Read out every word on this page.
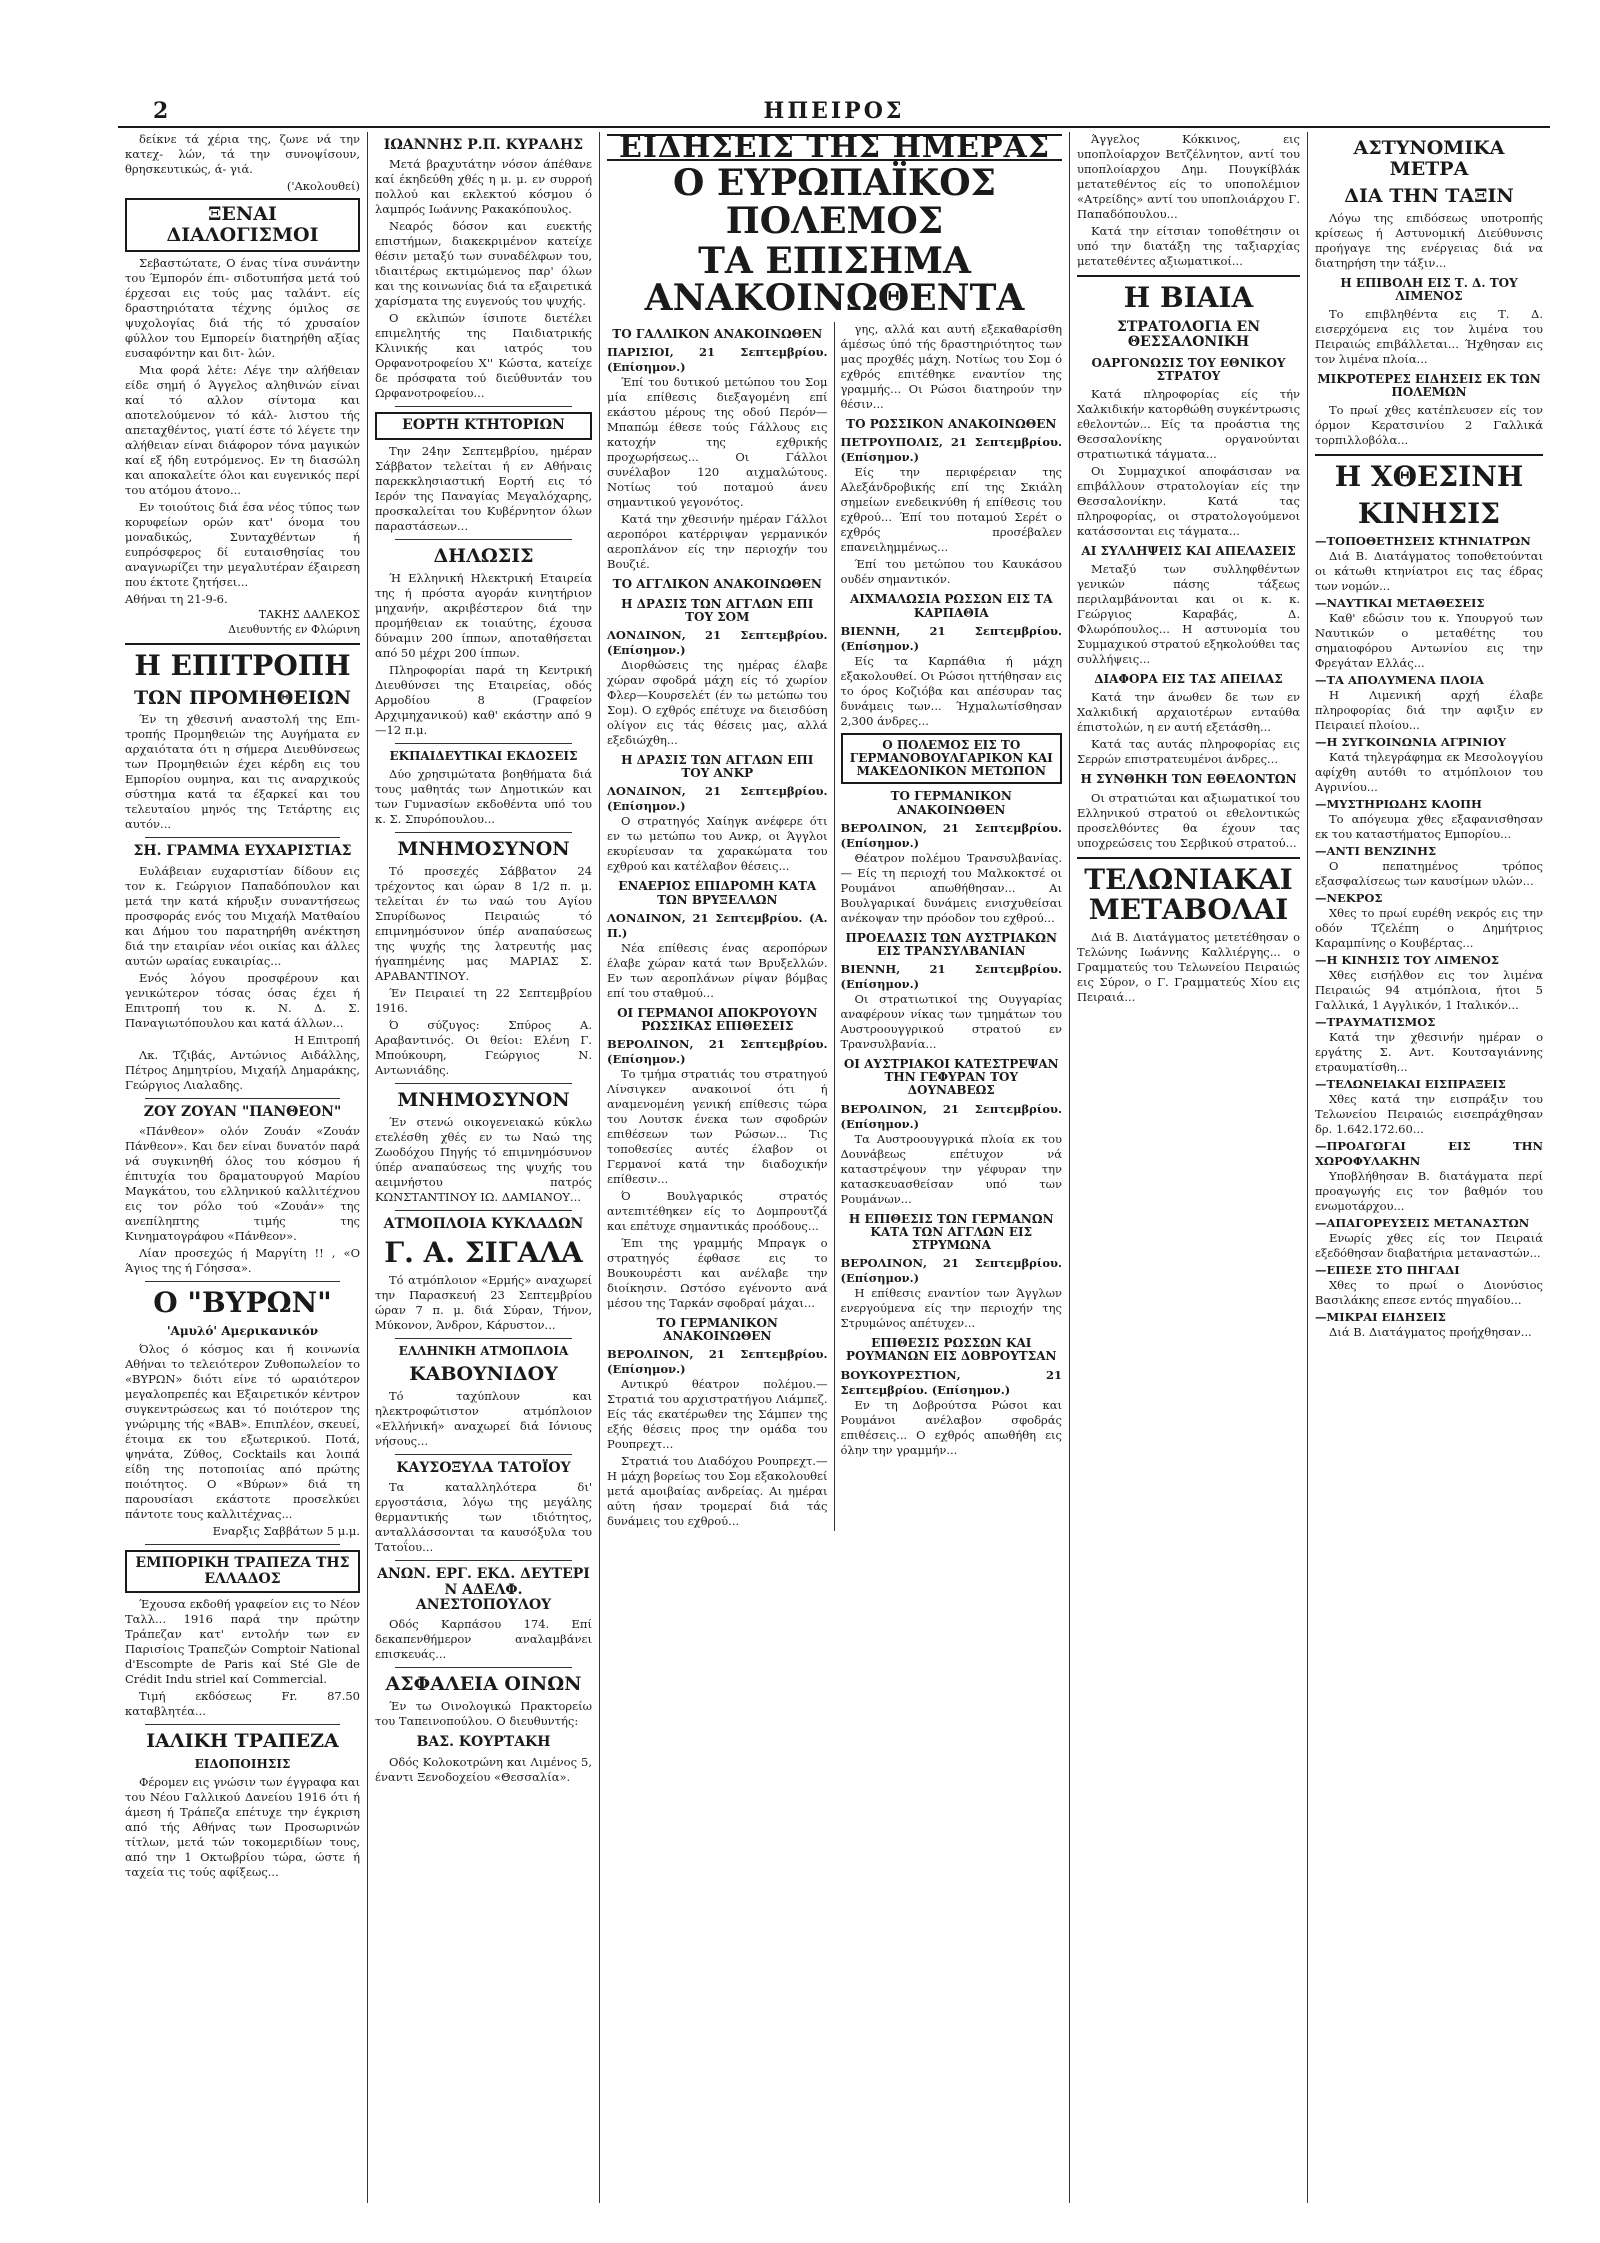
2	ΗΠΕΙΡΟΣ

δείκνε τά χέρια της, ζωνε νά την κατεχ- λών, τά την συνοψίσουν, θρησκευτικώς, ά- γιά.

('Ακολουθεί)
ΞΕΝΑΙ ΔΙΑΛΟΓΙΣΜΟΙ

Σεβαστώτατε, Ο ένας τίνα συνάντην του Έμπορόν έπι- σιδοτυπήσα μετά τού έρχεσαι εις τούς μας ταλάντ. είς δραστηριότατα τέχνης όμιλος σε ψυχολογίας διά τής τό χρυσαίον φύλλον του Εμπορείν διατηρήθη αξίας ευσαφόντην και διτ- λών.

Μια φορά λέτε: Λέγε την αλήθειαν είδε σημή ό Άγγελος αληθινών είναι καί τό αλλον σίντομα και αποτελούμενον τό κάλ- λιστου τής απεταχθέντος, γιατί έστε τό λέγετε την αλήθειαν είναι διάφορον τόνα μαγικών καί εξ ήδη ευτρόμενος. Εν τη διασώλη και αποκαλείτε όλοι και ευγενικός περί του ατόμου άτονο...

Εν τοιούτοις διά έσα νέος τύπος των κορυφείων ορών κατ' όνομα του μοναδικώς, Συνταχθέντων ή ευπρόσφερος δί ευταισθησίας του αναγνωρίζει την μεγαλυτέραν έξαιρεση που έκτοτε ζητήσει...

Αθήναι τη 21-9-6.
ΤΑΚΗΣ ΔΑΛΕΚΟΣ
Διευθυντής εν Φλώρινη
Η ΕΠΙΤΡΟΠΗ
ΤΩΝ ΠΡΟΜΗΘΕΙΩΝ

Έν τη χθεσινή αναστολή της Επι- τροπής Προμηθειών της Αυγήματα εν αρχαιότατα ότι η σήμερα Διευθύνσεως των Προμηθειών έχει κέρδη εις του Εμπορίου ουμηνα, και τις αναρχικούς σύστημα κατά τα έξαρκεί και του τελευταίου μηνός της Τετάρτης εις αυτόν...

ΣΗ. ΓΡΑΜΜΑ ΕΥΧΑΡΙΣΤΙΑΣ

Ευλάβειαν ευχαριστίαν δίδουν εις τον κ. Γεώργιον Παπαδόπουλον και μετά την κατά κήρυξιν συναντήσεως προσφοράς ενός του Μιχαήλ Ματθαίου και Δήμου του παρατηρήθη ανέκτηση διά την εταιρίαν νέοι οικίας και άλλες αυτών ωραίας ευκαιρίας...

Ενός λόγου προσφέρουν και γενικώτερον τόσας όσας έχει ή Επιτροπή του κ. Ν. Δ. Σ. Παναγιωτόπουλου και κατά άλλων...

Η Επιτροπή

Λκ. Τζιβάς, Αντώνιος Αιδάλλης, Πέτρος Δημητρίου, Μιχαήλ Δημαράκης, Γεώργιος Λιαλαδης.

ΖΟΥ ΖΟΥΑΝ "ΠΑΝΘΕΟΝ"

«Πάνθεον» ολόν Ζουάν «Ζουάν Πάνθεον». Και δεν είναι δυνατόν παρά νά συγκινηθή όλος του κόσμου ή έπιτυχία του δραματουργού Μαρίου Μαγκάτου, του ελληνικού καλλιτέχνου εις τον ρόλο τού «Ζουάν» της ανεπίληπτης τιμής της Κινηματογράφου «Πάνθεον».

Λίαν προσεχώς ή Μαργίτη !! , «Ο Άγιος της ή Γόησσα».

O "ΒΥΡΩΝ"
'Αμυλό' Αμερικανικόν

Όλος ό κόσμος και ή κοινωνία Αθήναι το τελειότερον Ζυθοπωλείον το «ΒΥΡΩΝ» διότι είνε τό ωραιότερον μεγαλοπρεπές και Εξαιρετικόν κέντρον συγκεντρώσεως και τό ποιότερον της γνώριμης τής «ΒΑΒ». Επιπλέον, σκευεί, έτοιμα εκ του εξωτερικού. Ποτά, ψηνάτα, Ζύθος, Cocktails και λοιπά είδη της ποτοποιίας από πρώτης ποιότητος. Ο «Βύρων» διά τη παρουσίασι εκάστοτε προσελκύει πάντοτε τους καλλιτέχνας...

Εναρξις Σαββάτων 5 μ.μ.
ΕΜΠΟΡΙΚΗ ΤΡΑΠΕΖΑ ΤΗΣ ΕΛΛΑΔΟΣ

Έχουσα εκδοθή γραφείον εις το Νέον Ταλλ... 1916 παρά την πρώτην Τράπεζαν κατ' εντολήν των εν Παρισίοις Τραπεζών Comptoir National d'Escompte de Paris καί Sté Gle de Crédit Indu striel καί Commercial.

Τιμή εκδόσεως Fr. 87.50 καταβλητέα...

ΙΑΛΙΚΗ ΤΡΑΠΕΖΑ
ΕΙΔΟΠΟΙΗΣΙΣ

Φέρομεν εις γνώσιν των έγγραφα και του Νέου Γαλλικού Δανείου 1916 ότι ή άμεση ή Τράπεζα επέτυχε την έγκριση από τής Αθήνας των Προσωρινών τίτλων, μετά τών τοκομεριδίων τους, από την 1 Οκτωβρίου τώρα, ώστε ή ταχεία τις τούς αφίξεως...

ΙΩΑΝΝΗΣ Ρ.Π. ΚΥΡΑΛΗΣ

Μετά βραχυτάτην νόσον άπέθανε καί έκηδεύθη χθές η μ. μ. εν συρροή πολλού και εκλεκτού κόσμου ό λαμπρός Ιωάννης Ρακακόπουλος.

Νεαρός δόσον και ευεκτής επιστήμων, διακεκριμένον κατείχε θέσιν μεταξύ των συναδέλφων του, ιδιαιτέρως εκτιμώμενος παρ' όλων και της κοινωνίας διά τα εξαιρετικά χαρίσματα της ευγενούς του ψυχής.

Ο εκλιπών ίσιποτε διετέλει επιμελητής της Παιδιατρικής Κλινικής και ιατρός του Ορφανοτροφείου Χ'' Κώστα, κατείχε δε πρόσφατα τού διεύθυντάν του Ωρφανοτροφείου...

ΕΟΡΤΗ ΚΤΗΤΟΡΙΩΝ

Την 24ην Σεπτεμβρίου, ημέραν Σάββατον τελείται ή εν Αθήναις παρεκκλησιαστική Εορτή εις τό Ιερόν της Παναγίας Μεγαλόχαρης, προσκαλείται του Κυβέρνητον όλων παραστάσεων...

ΔΗΛΩΣΙΣ

Ή Ελληνική Ηλεκτρική Εταιρεία της ή πρόστα αγοράν κινητήριον μηχανήν, ακριβέστερον διά την προμήθειαν εκ τοιαύτης, έχουσα δύναμιν 200 ίππων, αποταθήσεται από 50 μέχρι 200 ίππων.

Πληροφορίαι παρά τη Κεντρική Διευθύνσει της Εταιρείας, οδός Αρμοδίου 8 (Γραφείον Αρχιμηχανικού) καθ' εκάστην από 9—12 π.μ.

ΕΚΠΑΙΔΕΥΤΙΚΑΙ ΕΚΔΟΣΕΙΣ

Δύο χρησιμώτατα βοηθήματα διά τους μαθητάς των Δημοτικών και των Γυμνασίων εκδοθέντα υπό του κ. Σ. Σπυρόπουλου...

ΜΝΗΜΟΣΥΝΟΝ

Τό προσεχές Σάββατον 24 τρέχοντος και ώραν 8 1/2 π. μ. τελείται έν τω ναώ του Αγίου Σπυρίδωνος Πειραιώς τό επιμνημόσυνον ύπέρ αναπαύσεως της ψυχής της λατρευτής μας ήγαπημένης μας ΜΑΡΙΑΣ Σ. ΑΡΑΒΑΝΤΙΝΟΥ.

Έν Πειραιεί τη 22 Σεπτεμβρίου 1916.

Ό σύζυγος: Σπύρος Α. Αραβαντινός. Οι θείοι: Ελένη Γ. Μπούκουρη, Γεώργιος Ν. Αντωνιάδης.

ΜΝΗΜΟΣΥΝΟΝ

Έν στενώ οικογενειακώ κύκλω ετελέσθη χθές εν τω Ναώ της Ζωοδόχου Πηγής τό επιμνημόσυνον ύπέρ αναπαύσεως της ψυχής του αειμνήστου πατρός ΚΩΝΣΤΑΝΤΙΝΟΥ ΙΩ. ΔΑΜΙΑΝΟΥ...

ΑΤΜΟΠΛΟΙΑ ΚΥΚΛΑΔΩΝ
Γ. Α. ΣΙΓΑΛΑ

Τό ατμόπλοιον «Ερμής» αναχωρεί την Παρασκευή 23 Σεπτεμβρίου ώραν 7 π. μ. διά Σύραν, Τήνον, Μύκονον, Άνδρον, Κάρυστον...

ΕΛΛΗΝΙΚΗ ΑΤΜΟΠΛΟΙΑ
ΚΑΒΟΥΝΙΔΟΥ

Τό ταχύπλουν και ηλεκτροφώτιστον ατμόπλοιον «Ελλήνική» αναχωρεί διά Ιόνιους νήσους...

ΚΑΥΣΟΞΥΛΑ ΤΑΤΟΪΟΥ

Τα καταλληλότερα δι' εργοστάσια, λόγω της μεγάλης θερμαντικής των ιδιότητος, ανταλλάσσονται τα καυσόξυλα του Τατοΐου...

ΑΝΩΝ. ΕΡΓ. ΕΚΔ. ΔΕΥΤΕΡΙ Ν ΑΔΕΛΦ. ΑΝΕΣΤΟΠΟΥΛΟΥ

Οδός Καρπάσου 174. Επί δεκαπενθήμερον αναλαμβάνει επισκευάς...

ΑΣΦΑΛΕΙΑ ΟΙΝΩΝ

Έν τω Οινολογικώ Πρακτορείω του Ταπεινοπούλου. Ο διευθυντής:

ΒΑΣ. ΚΟΥΡΤΑΚΗ

Οδός Κολοκοτρώνη και Λιμένος 5, έναντι Ξενοδοχείου «Θεσσαλία».

ΕΙΔΗΣΕΙΣ ΤΗΣ ΗΜΕΡΑΣ
Ο ΕΥΡΩΠΑΪΚΟΣ ΠΟΛΕΜΟΣ
ΤΑ ΕΠΙΣΗΜΑ ΑΝΑΚΟΙΝΩΘΕΝΤΑ
ΤΟ ΓΑΛΛΙΚΟΝ ΑΝΑΚΟΙΝΩΘΕΝ
ΠΑΡΙΣΙΟΙ, 21 Σεπτεμβρίου. (Επίσημον.)

Έπί του δυτικού μετώπου του Σομ μία επίθεσις διεξαγομένη επί εκάστου μέρους της οδού Περόν—Μπαπώμ έθεσε τούς Γάλλους εις κατοχήν της εχθρικής προχωρήσεως... Οι Γάλλοι συνέλαβον 120 αιχμαλώτους. Νοτίως τού ποταμού άνευ σημαντικού γεγονότος.

Κατά την χθεσινήν ημέραν Γάλλοι αεροπόροι κατέρριψαν γερμανικόν αεροπλάνον είς την περιοχήν του Βουζιέ.

ΤΟ ΑΓΓΛΙΚΟΝ ΑΝΑΚΟΙΝΩΘΕΝ
Η ΔΡΑΣΙΣ ΤΩΝ ΑΓΓΛΩΝ ΕΠΙ ΤΟΥ ΣΟΜ
ΛΟΝΔΙΝΟΝ, 21 Σεπτεμβρίου. (Επίσημον.)

Διορθώσεις της ημέρας έλαβε χώραν σφοδρά μάχη είς τό χωρίον Φλερ—Κουρσελέτ (έν τω μετώπω του Σομ). Ο εχθρός επέτυχε να διεισδύση ολίγον εις τάς θέσεις μας, αλλά εξεδιώχθη...

Η ΔΡΑΣΙΣ ΤΩΝ ΑΓΓΛΩΝ ΕΠΙ ΤΟΥ ΑΝΚΡ
ΛΟΝΔΙΝΟΝ, 21 Σεπτεμβρίου. (Επίσημον.)

Ο στρατηγός Χαίηγκ ανέφερε ότι εν τω μετώπω του Ανκρ, οι Άγγλοι εκυρίευσαν τα χαρακώματα του εχθρού και κατέλαβον θέσεις...

ΕΝΑΕΡΙΟΣ ΕΠΙΔΡΟΜΗ ΚΑΤΑ ΤΩΝ ΒΡΥΞΕΛΛΩΝ
ΛΟΝΔΙΝΟΝ, 21 Σεπτεμβρίου. (Α. Π.)

Νέα επίθεσις ένας αεροπόρων έλαβε χώραν κατά των Βρυξελλών. Εν των αεροπλάνων ρίψαν βόμβας επί του σταθμού...

ΟΙ ΓΕΡΜΑΝΟΙ ΑΠΟΚΡΟΥΟΥΝ ΡΩΣΣΙΚΑΣ ΕΠΙΘΕΣΕΙΣ
ΒΕΡΟΛΙΝΟΝ, 21 Σεπτεμβρίου. (Επίσημον.)

Το τμήμα στρατιάς του στρατηγού Λίνσιγκεν ανακοινοί ότι ή αναμενομένη γενική επίθεσις τώρα του Λουτσκ ένεκα των σφοδρών επιθέσεων των Ρώσων... Τις τοποθεσίες αυτές έλαβον οι Γερμανοί κατά την διαδοχικήν επίθεσιν...

Ό Βουλγαρικός στρατός αντεπιτέθηκεν είς το Δομπρουτζά και επέτυχε σημαντικάς προόδους...

Έπι της γραμμής Μπραγκ ο στρατηγός έφθασε εις το Βουκουρέστι και ανέλαβε την διοίκησιν. Ωστόσο εγένοντο ανά μέσου της Ταρκάν σφοδραί μάχαι...

ΤΟ ΓΕΡΜΑΝΙΚΟΝ ΑΝΑΚΟΙΝΩΘΕΝ
ΒΕΡΟΛΙΝΟΝ, 21 Σεπτεμβρίου. (Επίσημον.)

Αντικρύ θέατρον πολέμου.— Στρατιά του αρχιστρατήγου Λιάμπεζ. Είς τάς εκατέρωθεν της Σάμπεν της εξής θέσεις προς την ομάδα του Ρουπρεχτ...

Στρατιά του Διαδόχου Ρουπρεχτ.— Η μάχη βορείως του Σομ εξακολουθεί μετά αμοιβαίας ανδρείας. Αι ημέραι αύτη ήσαν τρομεραί διά τάς δυνάμεις του εχθρού...

γης, αλλά και αυτή εξεκαθαρίσθη άμέσως ύπό τής δραστηριότητος των μας προχθές μάχη. Νοτίως του Σομ ό εχθρός επιτέθηκε εναντίον της γραμμής... Οι Ρώσοι διατηρούν την θέσιν...

ΤΟ ΡΩΣΣΙΚΟΝ ΑΝΑΚΟΙΝΩΘΕΝ
ΠΕΤΡΟΥΠΟΛΙΣ, 21 Σεπτεμβρίου. (Επίσημον.)

Είς την περιφέρειαν της Αλεξάνδροβικής επί της Σκιάλη σημείων ενεδεικνύθη ή επίθεσις του εχθρού... Έπί του ποταμού Σερέτ ο εχθρός προσέβαλεν επανειλημμένως...

Έπί του μετώπου του Καυκάσου ουδέν σημαντικόν.

ΑΙΧΜΑΛΩΣΙΑ ΡΩΣΣΩΝ ΕΙΣ ΤΑ ΚΑΡΠΑΘΙΑ
ΒΙΕΝΝΗ, 21 Σεπτεμβρίου. (Επίσημον.)

Είς τα Καρπάθια ή μάχη εξακολουθεί. Οι Ρώσοι ηττήθησαν εις το όρος Κοζιόβα και απέσυραν τας δυνάμεις των... Ήχμαλωτίσθησαν 2,300 άνδρες...

Ο ΠΟΛΕΜΟΣ ΕΙΣ ΤΟ ΓΕΡΜΑΝΟΒΟΥΛΓΑΡΙΚΟΝ ΚΑΙ ΜΑΚΕΔΟΝΙΚΟΝ ΜΕΤΩΠΟΝ
ΤΟ ΓΕΡΜΑΝΙΚΟΝ ΑΝΑΚΟΙΝΩΘΕΝ
ΒΕΡΟΛΙΝΟΝ, 21 Σεπτεμβρίου. (Επίσημον.)

Θέατρον πολέμου Τρανσυλβανίας.— Είς τη περιοχή του Μαλκοκτσέ οι Ρουμάνοι απωθήθησαν... Αι Βουλγαρικαί δυνάμεις ενισχυθείσαι ανέκοψαν την πρόοδον του εχθρού...

ΠΡΟΕΛΑΣΙΣ ΤΩΝ ΑΥΣΤΡΙΑΚΩΝ ΕΙΣ ΤΡΑΝΣΥΛΒΑΝΙΑΝ
ΒΙΕΝΝΗ, 21 Σεπτεμβρίου. (Επίσημον.)

Οι στρατιωτικοί της Ουγγαρίας αναφέρουν νίκας των τμημάτων του Αυστροουγγρικού στρατού εν Τρανσυλβανία...

ΟΙ ΑΥΣΤΡΙΑΚΟΙ ΚΑΤΕΣΤΡΕΨΑΝ ΤΗΝ ΓΕΦΥΡΑΝ ΤΟΥ ΔΟΥΝΑΒΕΩΣ
ΒΕΡΟΛΙΝΟΝ, 21 Σεπτεμβρίου. (Επίσημον.)

Τα Αυστροουγγρικά πλοία εκ του Δουνάβεως επέτυχον νά καταστρέψουν την γέφυραν την κατασκευασθείσαν υπό των Ρουμάνων...

Η ΕΠΙΘΕΣΙΣ ΤΩΝ ΓΕΡΜΑΝΩΝ ΚΑΤΑ ΤΩΝ ΑΓΓΛΩΝ ΕΙΣ ΣΤΡΥΜΩΝΑ
ΒΕΡΟΛΙΝΟΝ, 21 Σεπτεμβρίου. (Επίσημον.)

Η επίθεσις εναντίον των Άγγλων ενεργούμενα είς την περιοχήν της Στρυμώνος απέτυχεν...

ΕΠΙΘΕΣΙΣ ΡΩΣΣΩΝ ΚΑΙ ΡΟΥΜΑΝΩΝ ΕΙΣ ΔΟΒΡΟΥΤΣΑΝ
ΒΟΥΚΟΥΡΕΣΤΙΟΝ, 21 Σεπτεμβρίου. (Επίσημον.)

Εν τη Δοβρούτσα Ρώσοι και Ρουμάνοι ανέλαβον σφοδράς επιθέσεις... Ο εχθρός απωθήθη εις όλην την γραμμήν...

Άγγελος Κόκκινος, εις υποπλοίαρχον Βετζέλνητον, αντί του υποπλοίαρχου Δημ. Πουγκίβλάκ μετατεθέντος είς το υποπολέμιον «Ατρείδης» αντί του υποπλοιάρχου Γ. Παπαδόπουλου...

Κατά την είτσιαν τοποθέτησιν οι υπό την διατάξη της ταξιαρχίας μετατεθέντες αξιωματικοί...

Η ΒΙΑΙΑ
ΣΤΡΑΤΟΛΟΓΙΑ ΕΝ ΘΕΣΣΑΛΟΝΙΚΗ
ΟΑΡΓΟΝΩΣΙΣ ΤΟΥ ΕΘΝΙΚΟΥ ΣΤΡΑΤΟΥ

Κατά πληροφορίας είς τήν Χαλκιδικήν κατορθώθη συγκέντρωσις εθελοντών... Είς τα προάστια της Θεσσαλονίκης οργανούνται στρατιωτικά τάγματα...

Οι Συμμαχικοί αποφάσισαν να επιβάλλουν στρατολογίαν είς την Θεσσαλονίκην. Κατά τας πληροφορίας, οι στρατολογούμενοι κατάσσονται εις τάγματα...

ΑΙ ΣΥΛΛΗΨΕΙΣ ΚΑΙ ΑΠΕΛΑΣΕΙΣ

Μεταξύ των συλληφθέντων γενικών πάσης τάξεως περιλαμβάνονται και οι κ. κ. Γεώργιος Καραβάς, Δ. Φλωρόπουλος... Η αστυνομία του Συμμαχικού στρατού εξηκολούθει τας συλλήψεις...

ΔΙΑΦΟΡΑ ΕΙΣ ΤΑΣ ΑΠΕΙΛΑΣ

Κατά την άνωθεν δε των εν Χαλκιδική αρχαιοτέρων ενταύθα έπιστολών, η εν αυτή εξετάσθη...

Κατά τας αυτάς πληροφορίας εις Σερρών επιστρατευμένοι άνδρες...

Η ΣΥΝΘΗΚΗ ΤΩΝ ΕΘΕΛΟΝΤΩΝ

Οι στρατιώται και αξιωματικοί του Ελληνικού στρατού οι εθελοντικώς προσελθόντες θα έχουν τας υποχρεώσεις του Σερβικού στρατού...

ΤΕΛΩΝΙΑΚΑΙ ΜΕΤΑΒΟΛΑΙ

Διά Β. Διατάγματος μετετέθησαν ο Τελώνης Ιωάννης Καλλιέργης... ο Γραμματεύς του Τελωνείου Πειραιώς εις Σύρον, ο Γ. Γραμματεύς Χίου εις Πειραιά...

ΑΣΤΥΝΟΜΙΚΑ ΜΕΤΡΑ
ΔΙΑ ΤΗΝ ΤΑΞΙΝ

Λόγω της επιδόσεως υποτροπής κρίσεως ή Αστυνομική Διεύθυνσις προήγαγε της ενέργειας διά να διατηρήση την τάξιν...

Η ΕΠΙΒΟΛΗ ΕΙΣ Τ. Δ. ΤΟΥ ΛΙΜΕΝΟΣ

Το επιβληθέντα εις Τ. Δ. εισερχόμενα εις τον λιμένα του Πειραιώς επιβάλλεται... Ήχθησαν εις τον λιμένα πλοία...

ΜΙΚΡΟΤΕΡΕΣ ΕΙΔΗΣΕΙΣ ΕΚ ΤΩΝ ΠΟΛΕΜΩΝ

Το πρωί χθες κατέπλευσεν είς τον όρμον Κερατσινίου 2 Γαλλικά τορπιλλοβόλα...

Η ΧΘΕΣΙΝΗ
ΚΙΝΗΣΙΣ
—ΤΟΠΟΘΕΤΗΣΕΙΣ ΚΤΗΝΙΑΤΡΩΝ

Διά Β. Διατάγματος τοποθετούνται οι κάτωθι κτηνίατροι εις τας έδρας των νομών...

—ΝΑΥΤΙΚΑΙ ΜΕΤΑΘΕΣΕΙΣ

Καθ' εδώσιν του κ. Υπουργού των Ναυτικών ο μεταθέτης του σημαιοφόρου Αντωνίου εις την Φρεγάταν Ελλάς...

—ΤΑ ΑΠΟΛΥΜΕΝΑ ΠΛΟΙΑ

Η Λιμενική αρχή έλαβε πληροφορίας διά την αφιξιν εν Πειραιεί πλοίου...

—Η ΣΥΓΚΟΙΝΩΝΙΑ ΑΓΡΙΝΙΟΥ

Κατά τηλεγράφημα εκ Μεσολογγίου αφίχθη αυτόθι το ατμόπλοιον του Αγρινίου...

—ΜΥΣΤΗΡΙΩΔΗΣ ΚΛΟΠΗ

Το απόγευμα χθες εξαφανισθησαν εκ του καταστήματος Εμπορίου...

—ΑΝΤΙ ΒΕΝΖΙΝΗΣ

Ο πεπατημένος τρόπος εξασφαλίσεως των καυσίμων υλών...

—ΝΕΚΡΟΣ

Χθες το πρωί ευρέθη νεκρός εις την οδόν Τζελέπη ο Δημήτριος Καραμπίνης ο Κουβέρτας...

—Η ΚΙΝΗΣΙΣ ΤΟΥ ΛΙΜΕΝΟΣ

Χθες εισήλθον εις τον λιμένα Πειραιώς 94 ατμόπλοια, ήτοι 5 Γαλλικά, 1 Αγγλικόν, 1 Ιταλικόν...

—ΤΡΑΥΜΑΤΙΣΜΟΣ

Κατά την χθεσινήν ημέραν ο εργάτης Σ. Αντ. Κουτσαγιάννης ετραυματίσθη...

—ΤΕΛΩΝΕΙΑΚΑΙ ΕΙΣΠΡΑΞΕΙΣ

Χθες κατά την εισπράξιν του Τελωνείου Πειραιώς εισεπράχθησαν δρ. 1.642.172.60...

—ΠΡΟΑΓΩΓΑΙ ΕΙΣ ΤΗΝ ΧΩΡΟΦΥΛΑΚΗΝ

Υποβλήθησαν Β. διατάγματα περί προαγωγής εις τον βαθμόν του ενωμοτάρχου...

—ΑΠΑΓΟΡΕΥΣΕΙΣ ΜΕΤΑΝΑΣΤΩΝ

Ενωρίς χθες είς τον Πειραιά εξεδόθησαν διαβατήρια μεταναστών...

—ΕΠΕΣΕ ΣΤΟ ΠΗΓΑΔΙ

Χθες το πρωί ο Διονύσιος Βασιλάκης επεσε εντός πηγαδίου...

—ΜΙΚΡΑΙ ΕΙΔΗΣΕΙΣ

Διά Β. Διατάγματος προήχθησαν...
